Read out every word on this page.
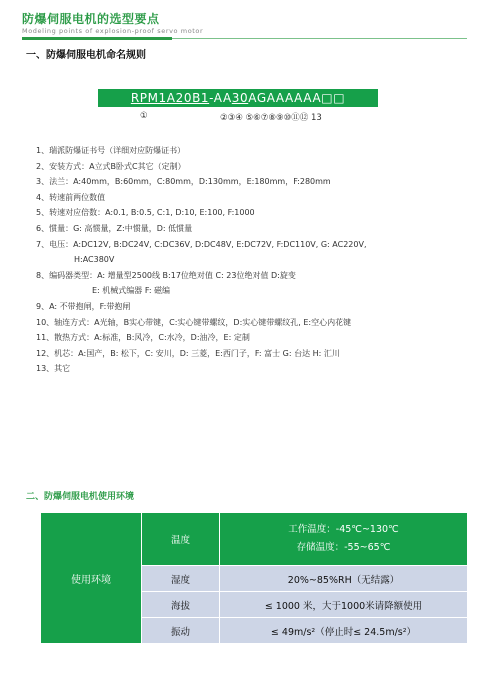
防爆伺服电机的选型要点
Modeling points of explosion-proof servo motor
一、防爆伺服电机命名规则
RPM1A20B1 -AA 30 AGAAAAAA □□
①	②③④ ⑤⑥⑦⑧⑨⑩⑪⑫ 13
1、瑞派防爆证书号（详细对应防爆证书）
2、安装方式：A立式B卧式C其它（定制）
3、法兰：A:40mm，B:60mm，C:80mm，D:130mm，E:180mm，F:280mm
4、转速前两位数值
5、转速对应倍数：A:0.1, B:0.5, C:1, D:10, E:100, F:1000
6、惯量：G: 高惯量，Z:中惯量，D: 低惯量
7、电压：A:DC12V, B:DC24V, C:DC36V, D:DC48V, E:DC72V, F:DC110V, G: AC220V,
H:AC380V
8、编码器类型：A: 增量型2500线 B:17位绝对值 C: 23位绝对值 D:旋变
E: 机械式编器 F: 磁编
9、A: 不带抱闸，F:带抱闸
10、轴连方式：A光轴，B实心带键，C:实心键带螺纹，D:实心键带螺纹孔, E:空心内花键
11、散热方式：A:标准，B:风冷，C:水冷，D:油冷，E: 定制
12、机芯：A:国产，B: 松下，C: 安川，D: 三菱，E:西门子，F: 富士 G: 台达 H: 汇川
13、其它
二、防爆伺服电机使用环境
使用环境	温度	工作温度：-45℃~130℃
存储温度：-55~65℃

	湿度	20%~85%RH（无结露）
	海拔	≤ 1000 米，大于1000米请降额使用
	振动	≤ 49m/s²（停止时≤ 24.5m/s²）
